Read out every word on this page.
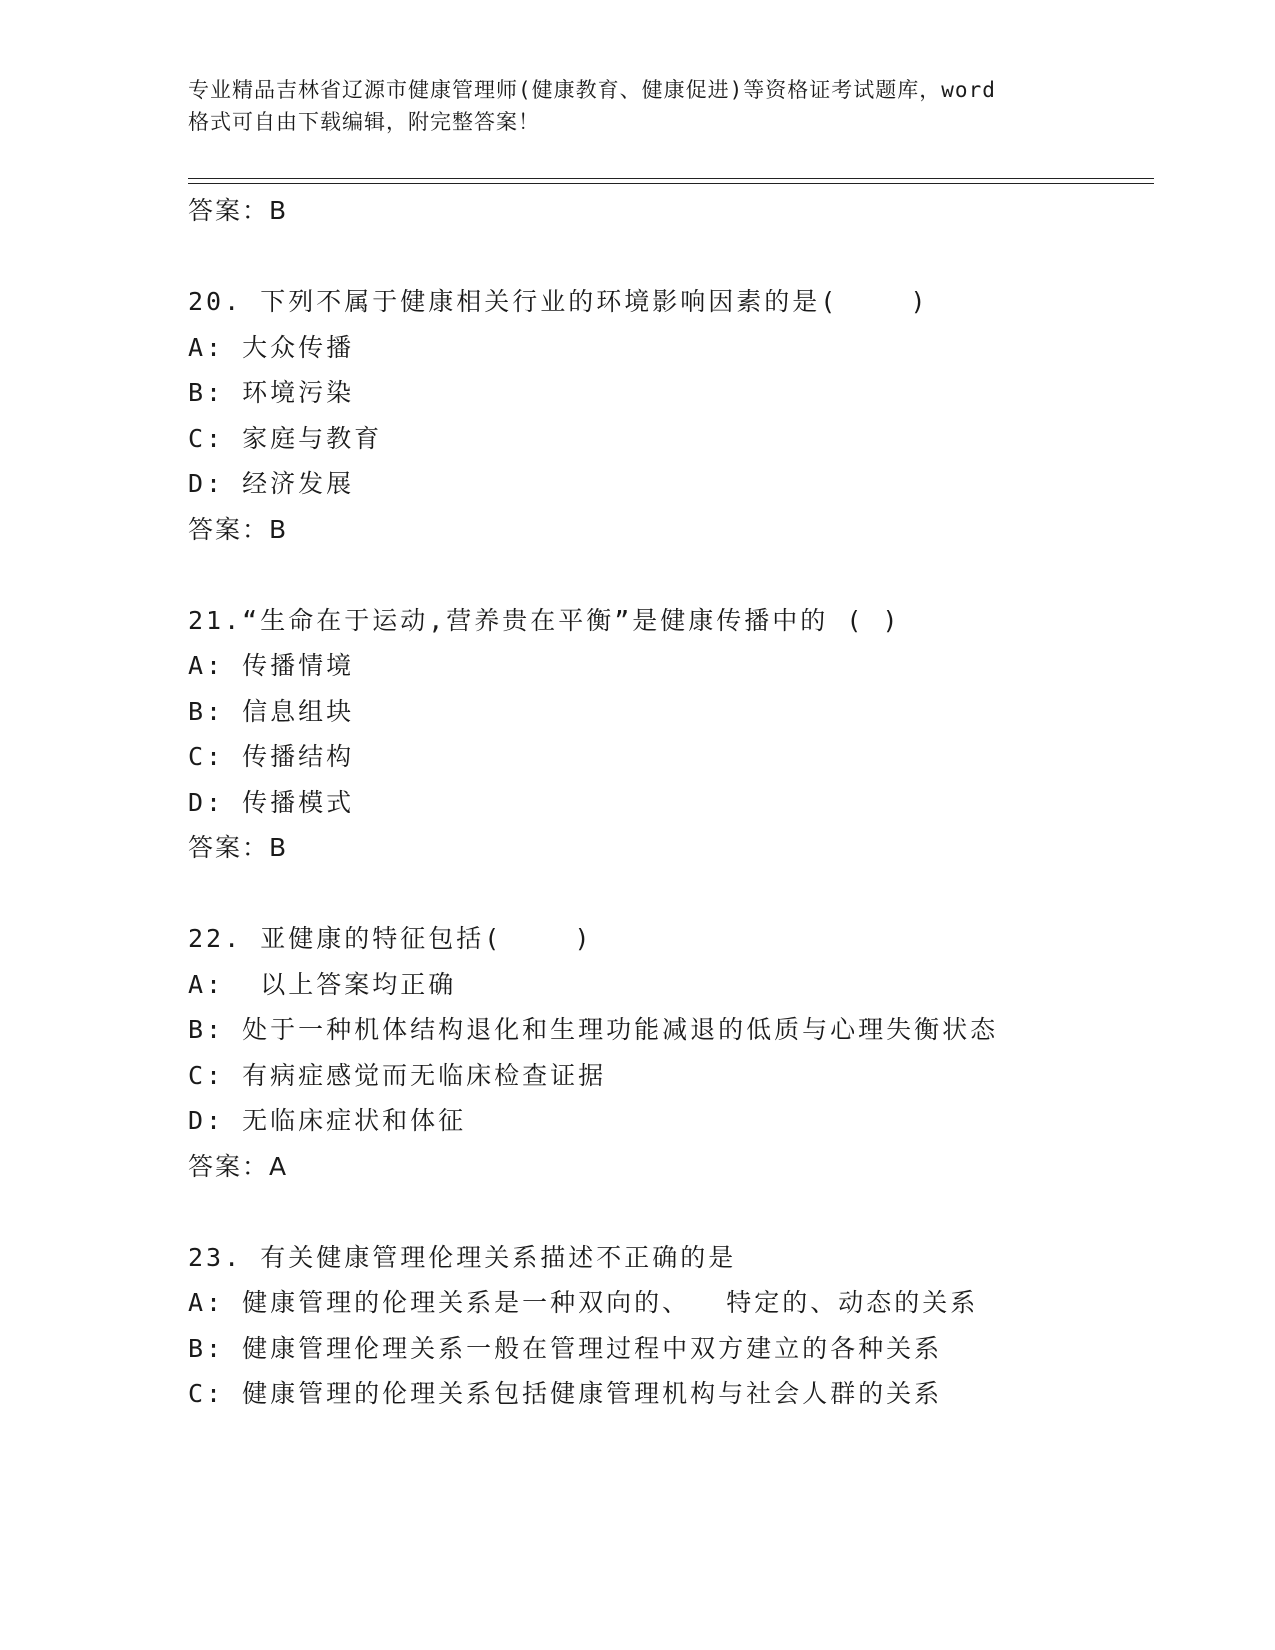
专业精品吉林省辽源市健康管理师(健康教育、健康促进)等资格证考试题库，word
格式可自由下载编辑，附完整答案！
答案：B
20. 下列不属于健康相关行业的环境影响因素的是(    )
A: 大众传播
B: 环境污染
C: 家庭与教育
D: 经济发展
答案：B
21.“生命在于运动,营养贵在平衡”是健康传播中的 ( )
A: 传播情境
B: 信息组块
C: 传播结构
D: 传播模式
答案：B
22. 亚健康的特征包括(    )
A:  以上答案均正确
B: 处于一种机体结构退化和生理功能减退的低质与心理失衡状态
C: 有病症感觉而无临床检查证据
D: 无临床症状和体征
答案：A
23. 有关健康管理伦理关系描述不正确的是
A: 健康管理的伦理关系是一种双向的、  特定的、动态的关系
B: 健康管理伦理关系一般在管理过程中双方建立的各种关系
C: 健康管理的伦理关系包括健康管理机构与社会人群的关系
